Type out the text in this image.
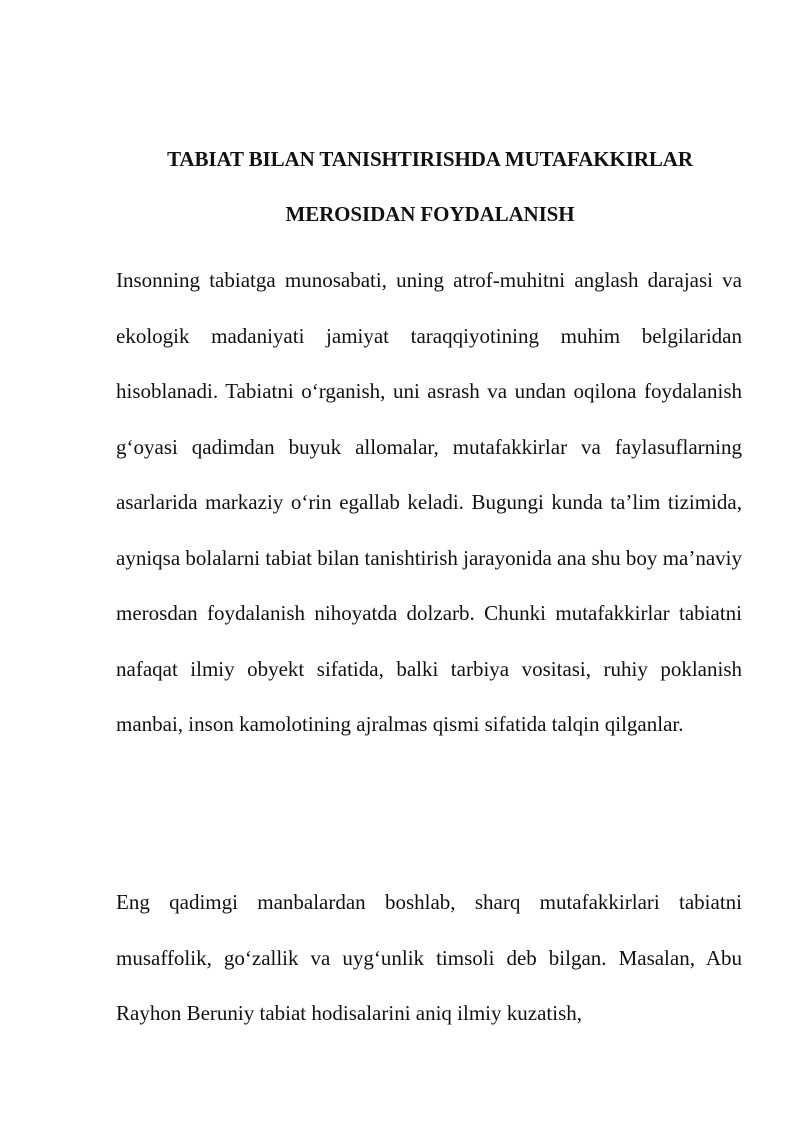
TABIAT BILAN TANISHTIRISHDA MUTAFAKKIRLAR
MEROSIDAN FOYDALANISH

Insonning tabiatga munosabati, uning atrof-muhitni anglash darajasi va ekologik madaniyati jamiyat taraqqiyotining muhim belgilaridan hisoblanadi. Tabiatni o‘rganish, uni asrash va undan oqilona foydalanish g‘oyasi qadimdan buyuk allomalar, mutafakkirlar va faylasuflarning asarlarida markaziy o‘rin egallab keladi. Bugungi kunda ta’lim tizimida, ayniqsa bolalarni tabiat bilan tanishtirish jarayonida ana shu boy ma’naviy merosdan foydalanish nihoyatda dolzarb. Chunki mutafakkirlar tabiatni nafaqat ilmiy obyekt sifatida, balki tarbiya vositasi, ruhiy poklanish manbai, inson kamolotining ajralmas qismi sifatida talqin qilganlar.

Eng qadimgi manbalardan boshlab, sharq mutafakkirlari tabiatni musaffolik, go‘zallik va uyg‘unlik timsoli deb bilgan. Masalan, Abu Rayhon Beruniy tabiat hodisalarini aniq ilmiy kuzatish,
